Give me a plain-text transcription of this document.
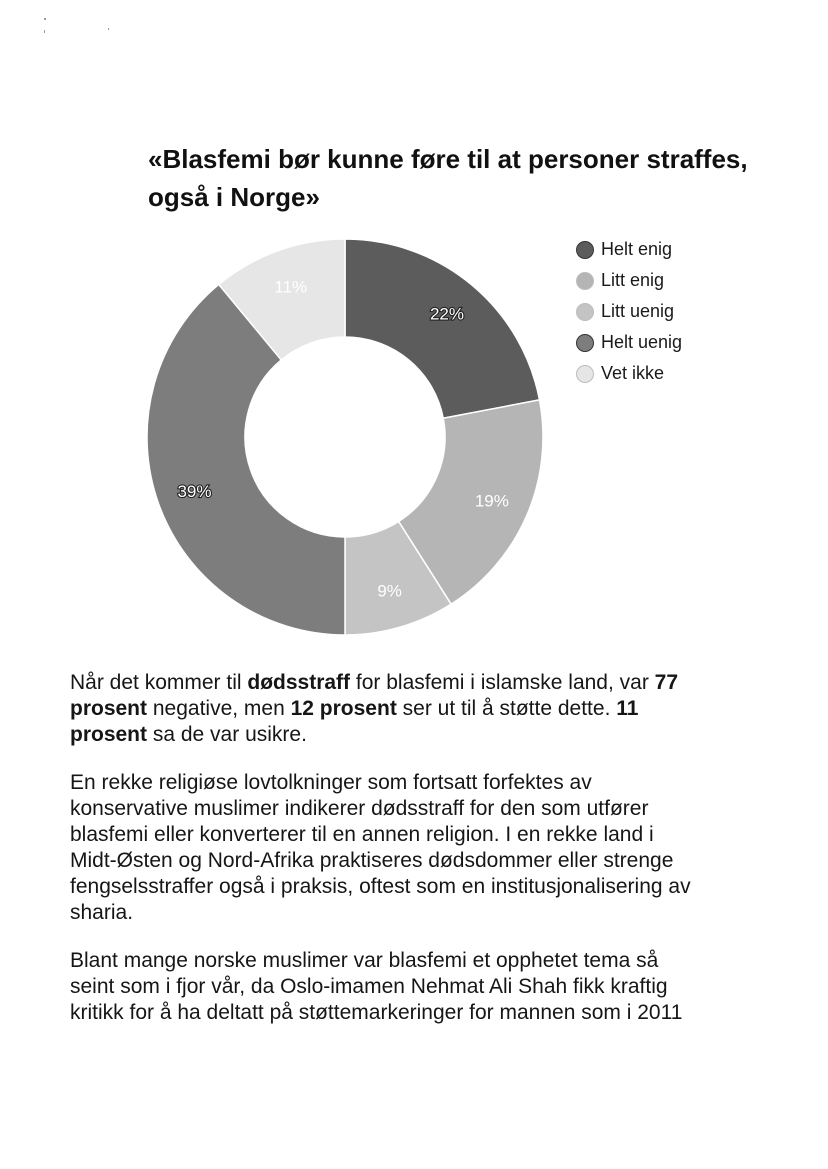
«Blasfemi bør kunne føre til at personer straffes,
også i Norge»
22%
19%
9%
39%
11%
Helt enig
Litt enig
Litt uenig
Helt uenig
Vet ikke

Når det kommer til dødsstraff for blasfemi i islamske land, var 77
prosent negative, men 12 prosent ser ut til å støtte dette. 11
prosent sa de var usikre.

En rekke religiøse lovtolkninger som fortsatt forfektes av
konservative muslimer indikerer dødsstraff for den som utfører
blasfemi eller konverterer til en annen religion. I en rekke land i
Midt-Østen og Nord-Afrika praktiseres dødsdommer eller strenge
fengselsstraffer også i praksis, oftest som en institusjonalisering av
sharia.

Blant mange norske muslimer var blasfemi et opphetet tema så
seint som i fjor vår, da Oslo-imamen Nehmat Ali Shah fikk kraftig
kritikk for å ha deltatt på støttemarkeringer for mannen som i 2011
